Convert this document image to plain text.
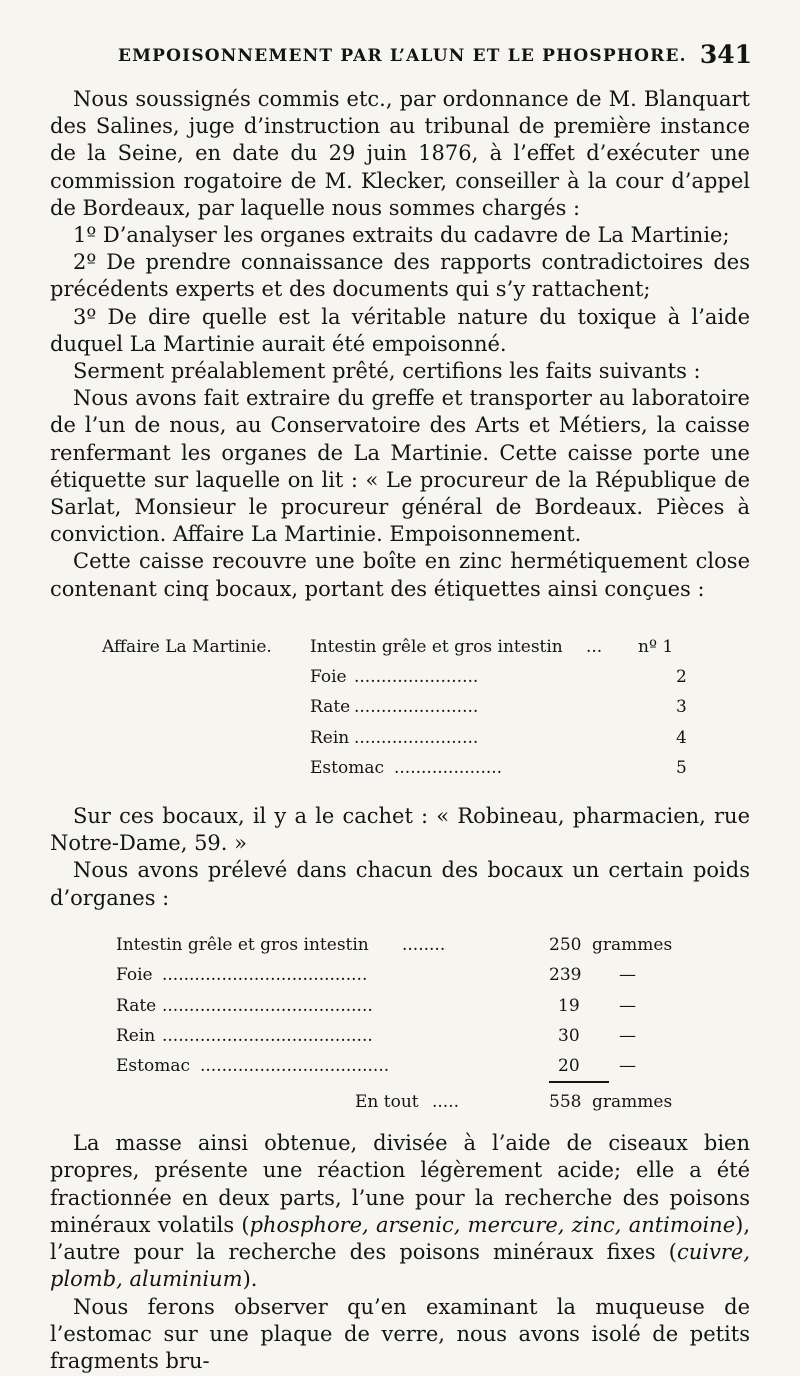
EMPOISONNEMENT PAR L’ALUN ET LE PHOSPHORE. 341

Nous soussignés commis etc., par ordonnance de M. Blanquart des Salines, juge d’instruction au tribunal de première instance de la Seine, en date du 29 juin 1876, à l’effet d’exécuter une commission rogatoire de M. Klecker, conseiller à la cour d’appel de Bordeaux, par laquelle nous sommes chargés :

1º D’analyser les organes extraits du cadavre de La Martinie;

2º De prendre connaissance des rapports contradictoires des précédents experts et des documents qui s’y rattachent;

3º De dire quelle est la véritable nature du toxique à l’aide duquel La Martinie aurait été empoisonné.

Serment préalablement prêté, certifions les faits suivants :

Nous avons fait extraire du greffe et transporter au laboratoire de l’un de nous, au Conservatoire des Arts et Métiers, la caisse renfermant les organes de La Martinie. Cette caisse porte une étiquette sur laquelle on lit : « Le procureur de la République de Sarlat, Monsieur le procureur général de Bordeaux. Pièces à conviction. Affaire La Martinie. Empoisonnement.

Cette caisse recouvre une boîte en zinc hermétiquement close contenant cinq bocaux, portant des étiquettes ainsi conçues :

Affaire La Martinie. Intestin grêle et gros intestin ...	nº 1
Foie .......................	2
Rate .......................	3
Rein .......................	4
Estomac ....................	5

Sur ces bocaux, il y a le cachet : « Robineau, pharmacien, rue Notre-Dame, 59. »

Nous avons prélevé dans chacun des bocaux un certain poids d’organes :

Intestin grêle et gros intestin ........	250 grammes
Foie ......................................	239 —
Rate .......................................	19 —
Rein .......................................	30 —
Estomac ...................................	20 —
En tout .....	558 grammes

La masse ainsi obtenue, divisée à l’aide de ciseaux bien propres, présente une réaction légèrement acide; elle a été fractionnée en deux parts, l’une pour la recherche des poisons minéraux volatils (phosphore, arsenic, mercure, zinc, antimoine), l’autre pour la recherche des poisons minéraux fixes (cuivre, plomb, aluminium).

Nous ferons observer qu’en examinant la muqueuse de l’estomac sur une plaque de verre, nous avons isolé de petits fragments bru-
